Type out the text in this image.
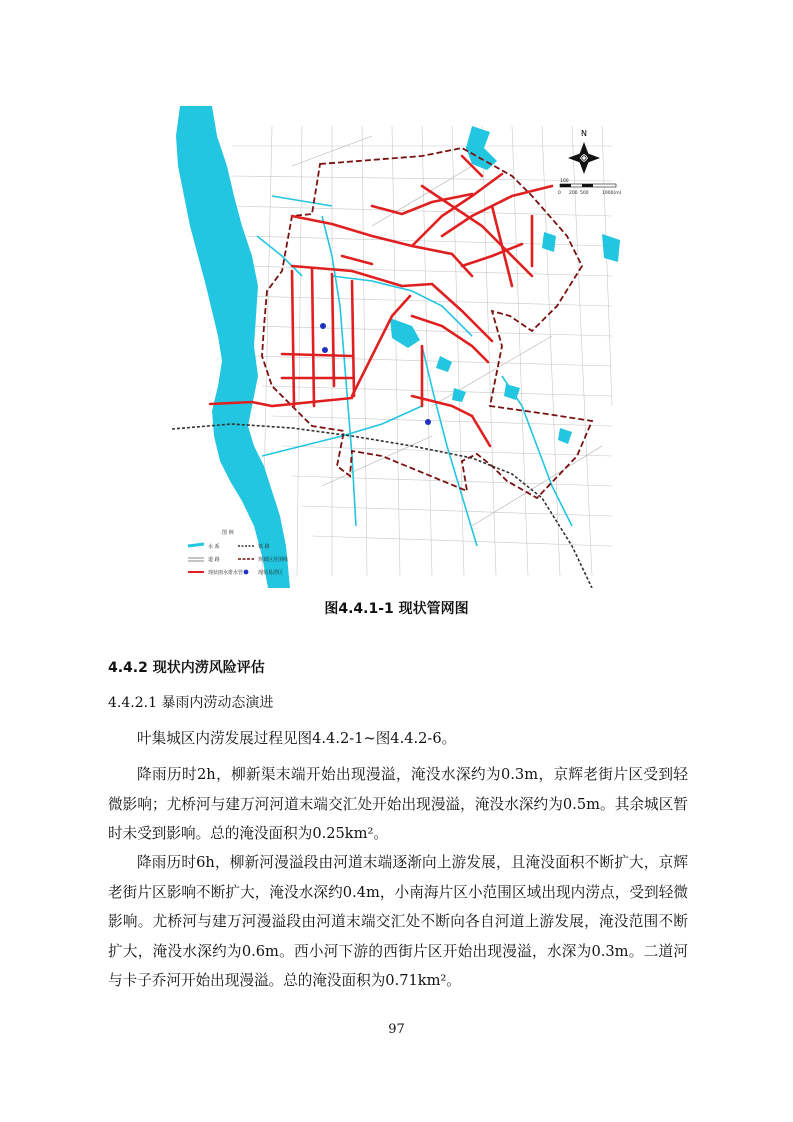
N
100
0 200 500	1000(m)
图 例
水 系	铁 路
道 路	规划区范围线
现状雨水排水管	现状易涝区
图4.4.1-1 现状管网图
4.4.2 现状内涝风险评估
4.4.2.1 暴雨内涝动态演进

叶集城区内涝发展过程见图4.4.2-1~图4.4.2-6。

降雨历时2h，柳新渠末端开始出现漫溢，淹没水深约为0.3m，京辉老街片区受到轻微影响；尤桥河与建万河河道末端交汇处开始出现漫溢，淹没水深约为0.5m。其余城区暂时未受到影响。总的淹没面积为0.25km²。

降雨历时6h，柳新河漫溢段由河道末端逐渐向上游发展，且淹没面积不断扩大，京辉老街片区影响不断扩大，淹没水深约0.4m，小南海片区小范围区域出现内涝点，受到轻微影响。尤桥河与建万河漫溢段由河道末端交汇处不断向各自河道上游发展，淹没范围不断扩大，淹没水深约为0.6m。西小河下游的西街片区开始出现漫溢，水深为0.3m。二道河与卡子乔河开始出现漫溢。总的淹没面积为0.71km²。

97
